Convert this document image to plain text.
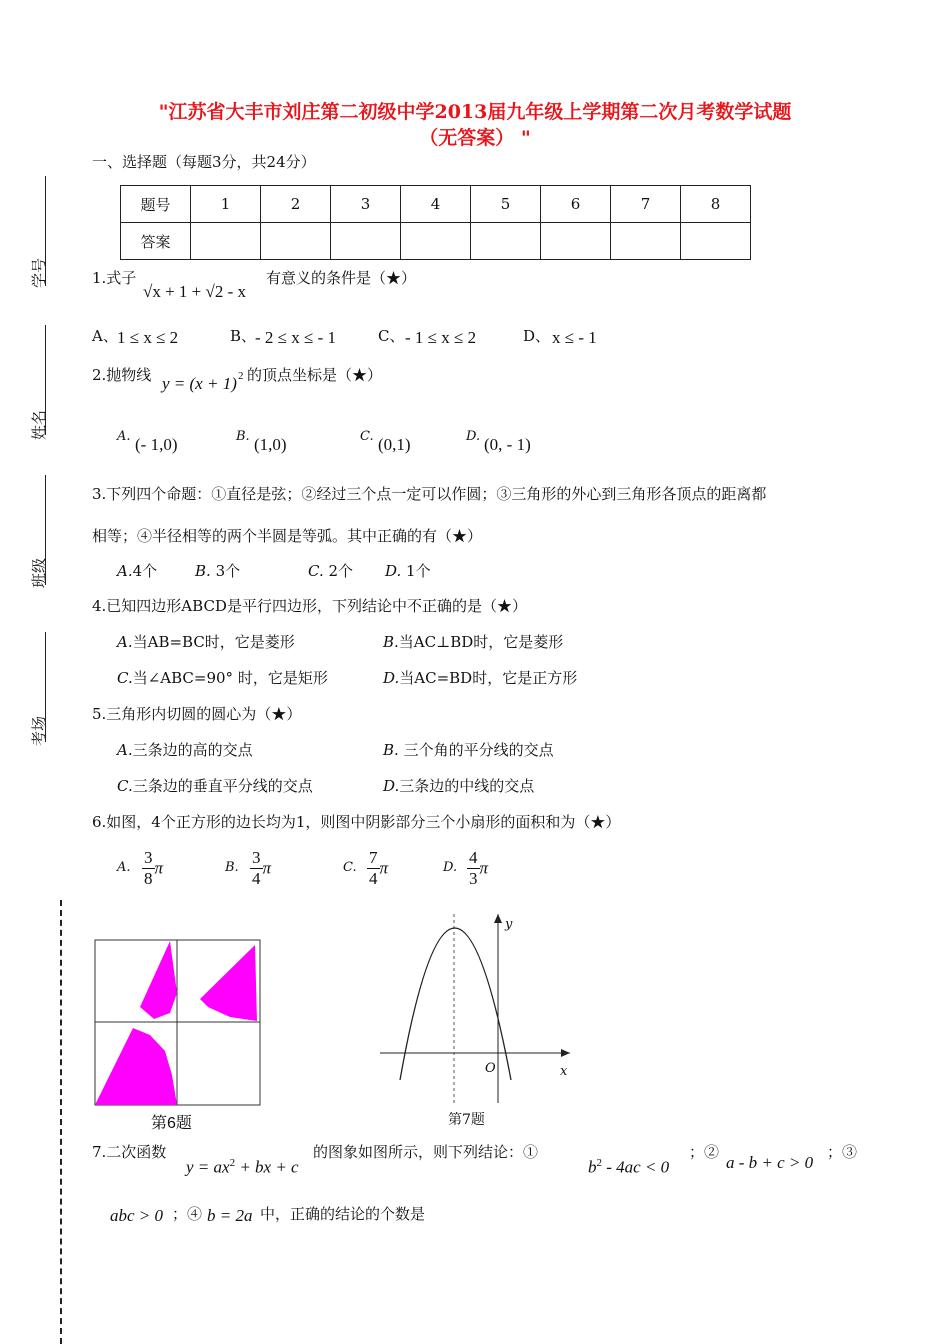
"江苏省大丰市刘庄第二初级中学2013届九年级上学期第二次月考数学试题
（无答案） "
学号
姓名
班级
考场
一、选择题（每题3分，共24分）
题号	1	2	3	4	5	6	7	8
答案								
1.式子
√x + 1 + √2 - x
有意义的条件是（★）
A、 1 ≤ x ≤ 2	B、
- 2 ≤ x ≤ - 1	C、 - 1 ≤ x ≤ 2	D、 x ≤ - 1
2.抛物线 y = (x + 1) 2 的顶点坐标是（★）
A. (- 1,0)	B. (1,0)	C. (0,1)	D. (0, - 1)
3.下列四个命题：①直径是弦；②经过三个点一定可以作圆；③三角形的外心到三角形各顶点的距离都
相等；④半径相等的两个半圆是等弧。其中正确的有（★）
A.4个	B. 3个	C. 2个 D. 1个
4.已知四边形ABCD是平行四边形，下列结论中不正确的是（★）
A.当AB=BC时，它是菱形	B.当AC⊥BD时，它是菱形
C.当∠ABC=90° 时，它是矩形	D.当AC=BD时，它是正方形
5.三角形内切圆的圆心为（★）
A.三条边的高的交点	B. 三个角的平分线的交点
C.三条边的垂直平分线的交点	D.三条边的中线的交点
6.如图，4个正方形的边长均为1，则图中阴影部分三个小扇形的面积和为（★）
A. $\frac{3}{8}$ π	B. $\frac{3}{4}$ π	C. $\frac{7}{4}$ π	D. $\frac{4}{3}$ π
第6题
y
x
O
第7题
7.二次函数
$y = ax^2$ + bx + c
的图象如图所示，则下列结论：①
$b^2 - 4ac < 0$
；②
a - b + c > 0
；③
abc > 0 ；④ b = 2a 中，正确的结论的个数是
